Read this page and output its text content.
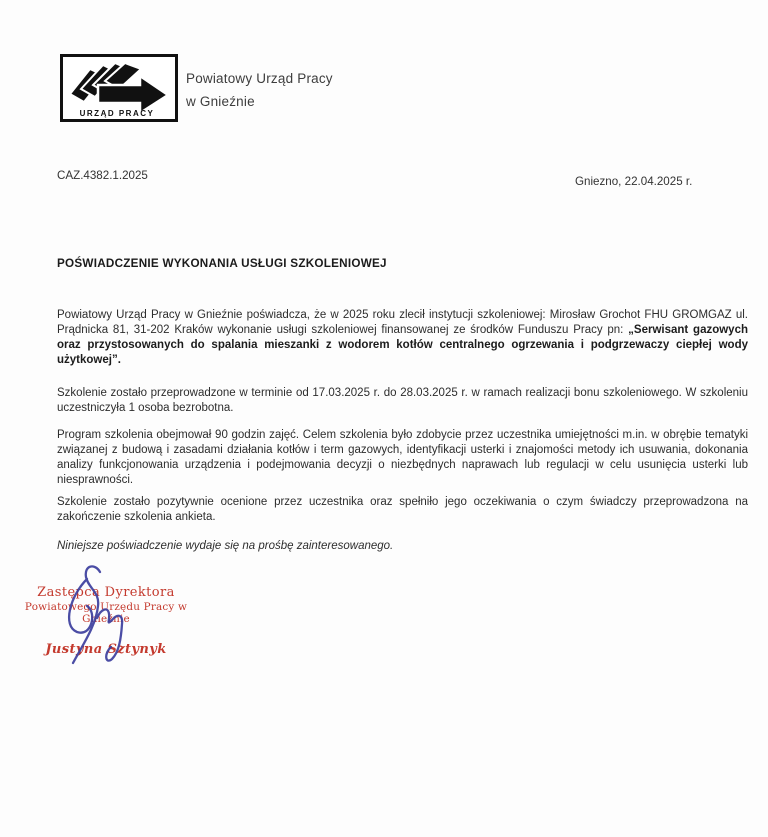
URZĄD PRACY
Powiatowy Urząd Pracy
w Gnieźnie
CAZ.4382.1.2025	Gniezno, 22.04.2025 r.
POŚWIADCZENIE WYKONANIA USŁUGI SZKOLENIOWEJ

Powiatowy Urząd Pracy w Gnieźnie poświadcza, że w 2025 roku zlecił instytucji szkoleniowej: Mirosław Grochot FHU GROMGAZ ul. Prądnicka 81, 31-202 Kraków wykonanie usługi szkoleniowej finansowanej ze środków Funduszu Pracy pn: „Serwisant gazowych oraz przystosowanych do spalania mieszanki z wodorem kotłów centralnego ogrzewania i podgrzewaczy ciepłej wody użytkowej”.

Szkolenie zostało przeprowadzone w terminie od 17.03.2025 r. do 28.03.2025 r. w ramach realizacji bonu szkoleniowego. W szkoleniu uczestniczyła 1 osoba bezrobotna.

Program szkolenia obejmował 90 godzin zajęć. Celem szkolenia było zdobycie przez uczestnika umiejętności m.in. w obrębie tematyki związanej z budową i zasadami działania kotłów i term gazowych, identyfikacji usterki i znajomości metody ich usuwania, dokonania analizy funkcjonowania urządzenia i podejmowania decyzji o niezbędnych naprawach lub regulacji w celu usunięcia usterki lub niesprawności.

Szkolenie zostało pozytywnie ocenione przez uczestnika oraz spełniło jego oczekiwania o czym świadczy przeprowadzona na zakończenie szkolenia ankieta.

Niniejsze poświadczenie wydaje się na prośbę zainteresowanego.

Zastępca Dyrektora
Powiatowego Urzędu Pracy w Gnieźnie
Justyna Sztynyk
